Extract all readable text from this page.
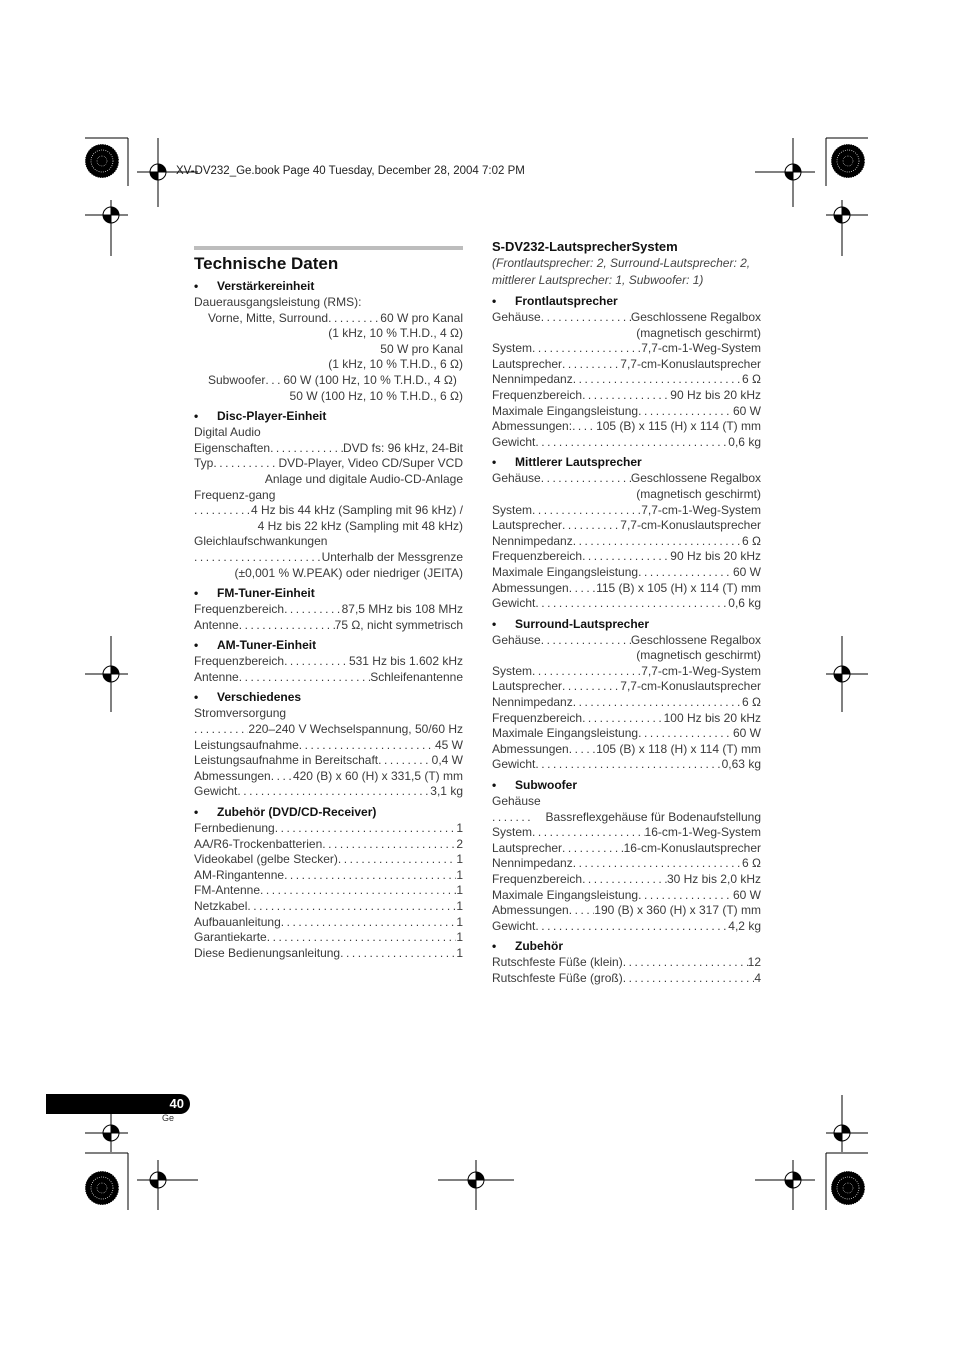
XV-DV232_Ge.book Page 40 Tuesday, December 28, 2004 7:02 PM
Technische Daten
• Verstärkereinheit
Dauerausgangsleistung (RMS):
Vorne, Mitte, Surround . . .	60 W pro Kanal
(1 kHz, 10 % T.H.D., 4 Ω)
50 W pro Kanal
(1 kHz, 10 % T.H.D., 6 Ω)
Subwoofer . . . 60 W (100 Hz, 10 % T.H.D., 4 Ω)
50 W (100 Hz, 10 % T.H.D., 6 Ω)
• Disc-Player-Einheit
Digital Audio
Eigenschaften . . .	DVD fs: 96 kHz, 24-Bit
Typ . . .	DVD-Player, Video CD/Super VCD
Anlage und digitale Audio-CD-Anlage
Frequenz-gang
. . .
4 Hz bis 44 kHz (Sampling mit 96 kHz) /
4 Hz bis 22 kHz (Sampling mit 48 kHz)
Gleichlaufschwankungen
. . .
Unterhalb der Messgrenze
(±0,001 % W.PEAK) oder niedriger (JEITA)
• FM-Tuner-Einheit
Frequenzbereich . . .	87,5 MHz bis 108 MHz
Antenne . . .	75 Ω, nicht symmetrisch
• AM-Tuner-Einheit
Frequenzbereich . . .	531 Hz bis 1.602 kHz
Antenne . . .	Schleifenantenne
• Verschiedenes
Stromversorgung
. . .
220–240 V Wechselspannung, 50/60 Hz
Leistungsaufnahme . . .	45 W
Leistungsaufnahme in Bereitschaft . . .	0,4 W
Abmessungen . . . 420 (B) x 60 (H) x 331,5 (T) mm
Gewicht . . .	3,1 kg
• Zubehör (DVD/CD-Receiver)
Fernbedienung . . .	1
AA/R6-Trockenbatterien . . .	2
Videokabel (gelbe Stecker) . . .	1
AM-Ringantenne . . .	1
FM-Antenne . . .	1
Netzkabel . . .	1
Aufbauanleitung . . .	1
Garantiekarte . . .	1
Diese Bedienungsanleitung . . .	1
S-DV232-LautsprecherSystem
(Frontlautsprecher: 2, Surround-Lautsprecher: 2, mittlerer Lautsprecher: 1, Subwoofer: 1)
• Frontlautsprecher
Gehäuse . . .	Geschlossene Regalbox
(magnetisch geschirmt)
System . . .	7,7-cm-1-Weg-System
Lautsprecher . . .	7,7-cm-Konuslautsprecher
Nennimpedanz . . .	6 Ω
Frequenzbereich . . .	90 Hz bis 20 kHz
Maximale Eingangsleistung . . .	60 W
Abmessungen: . . . 105 (B) x 115 (H) x 114 (T) mm
Gewicht . . .	0,6 kg
• Mittlerer Lautsprecher
Gehäuse . . .	Geschlossene Regalbox
(magnetisch geschirmt)
System . . .	7,7-cm-1-Weg-System
Lautsprecher . . .	7,7-cm-Konuslautsprecher
Nennimpedanz . . .	6 Ω
Frequenzbereich . . .	90 Hz bis 20 kHz
Maximale Eingangsleistung . . .	60 W
Abmessungen . . . 115 (B) x 105 (H) x 114 (T) mm
Gewicht . . .	0,6 kg
• Surround-Lautsprecher
Gehäuse . . .	Geschlossene Regalbox
(magnetisch geschirmt)
System . . .	7,7-cm-1-Weg-System
Lautsprecher . . .	7,7-cm-Konuslautsprecher
Nennimpedanz . . .	6 Ω
Frequenzbereich . . .	100 Hz bis 20 kHz
Maximale Eingangsleistung . . .	60 W
Abmessungen . . . 105 (B) x 118 (H) x 114 (T) mm
Gewicht . . .	0,63 kg
• Subwoofer
Gehäuse
. . .
Bassreflexgehäuse für Bodenaufstellung
System . . .	16-cm-1-Weg-System
Lautsprecher . . .	16-cm-Konuslautsprecher
Nennimpedanz . . .	6 Ω
Frequenzbereich . . .	30 Hz bis 2,0 kHz
Maximale Eingangsleistung . . .	60 W
Abmessungen . . . 190 (B) x 360 (H) x 317 (T) mm
Gewicht . . .	4,2 kg
• Zubehör
Rutschfeste Füße (klein) . . .	12
Rutschfeste Füße (groß) . . .	4
40
Ge
